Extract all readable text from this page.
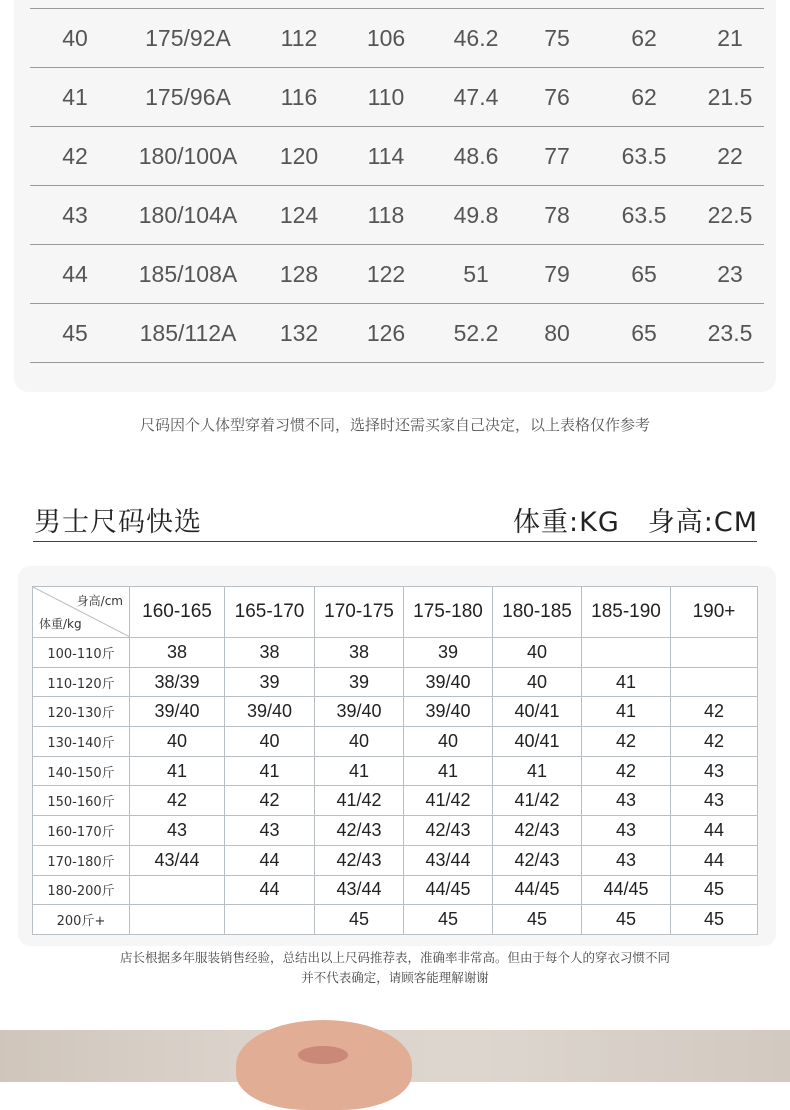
40	175/92A	112	106	46.2	75	62	21
41	175/96A	116	110	47.4	76	62	21.5
42	180/100A	120	114	48.6	77	63.5	22
43	180/104A	124	118	49.8	78	63.5	22.5
44	185/108A	128	122	51	79	65	23
45	185/112A	132	126	52.2	80	65	23.5
尺码因个人体型穿着习惯不同，选择时还需买家自己决定，以上表格仅作参考
男士尺码快选	体重:KG 身高:CM
身高/cm
体重/kg	160-165	165-170	170-175	175-180	180-185	185-190	190+
100-110斤	38	38	38	39	40		
110-120斤	38/39	39	39	39/40	40	41	
120-130斤	39/40	39/40	39/40	39/40	40/41	41	42
130-140斤	40	40	40	40	40/41	42	42
140-150斤	41	41	41	41	41	42	43
150-160斤	42	42	41/42	41/42	41/42	43	43
160-170斤	43	43	42/43	42/43	42/43	43	44
170-180斤	43/44	44	42/43	43/44	42/43	43	44
180-200斤		44	43/44	44/45	44/45	44/45	45
200斤+			45	45	45	45	45
店长根据多年服装销售经验，总结出以上尺码推荐表，准确率非常高。但由于每个人的穿衣习惯不同
并不代表确定，请顾客能理解谢谢
